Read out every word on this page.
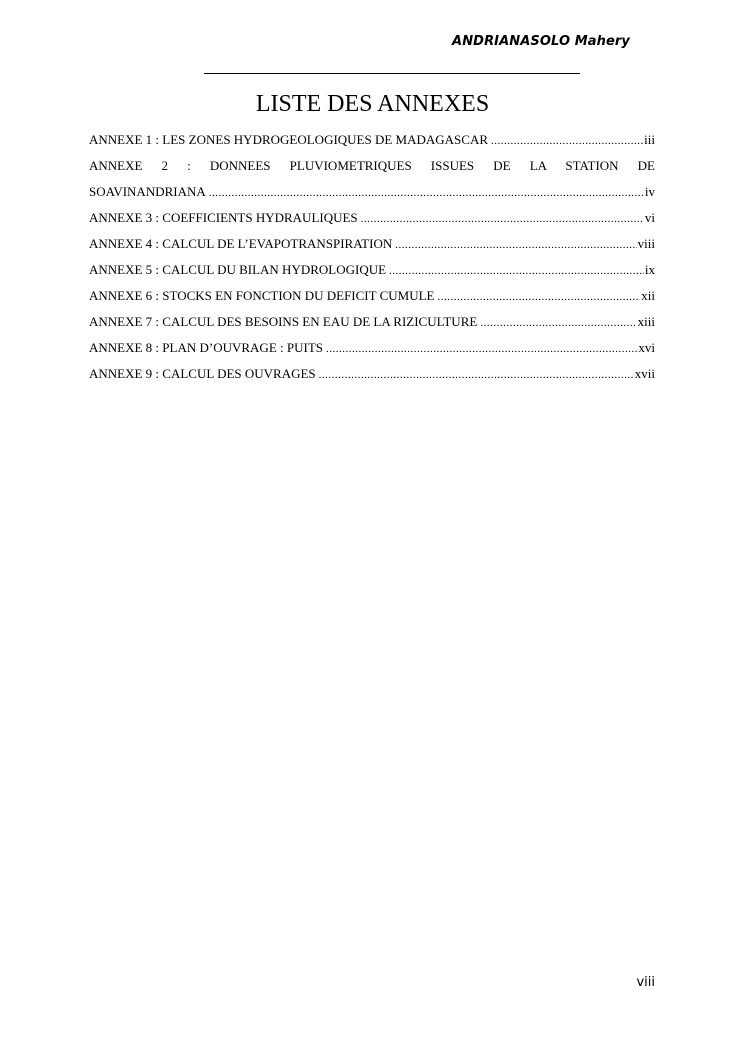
ANDRIANASOLO Mahery
LISTE DES ANNEXES
ANNEXE 1 : LES ZONES HYDROGEOLOGIQUES DE MADAGASCAR .....	iii
ANNEXE 2 : DONNEES PLUVIOMETRIQUES ISSUES DE LA STATION DE
SOAVINANDRIANA .....	iv
ANNEXE 3 : COEFFICIENTS HYDRAULIQUES .....	vi
ANNEXE 4 : CALCUL DE L’EVAPOTRANSPIRATION .....	viii
ANNEXE 5 : CALCUL DU BILAN HYDROLOGIQUE .....	ix
ANNEXE 6 : STOCKS EN FONCTION DU DEFICIT CUMULE .....	xii
ANNEXE 7 : CALCUL DES BESOINS EN EAU DE LA RIZICULTURE .....	xiii
ANNEXE 8 : PLAN D’OUVRAGE : PUITS .....	xvi
ANNEXE 9 : CALCUL DES OUVRAGES .....	xvii
viii
